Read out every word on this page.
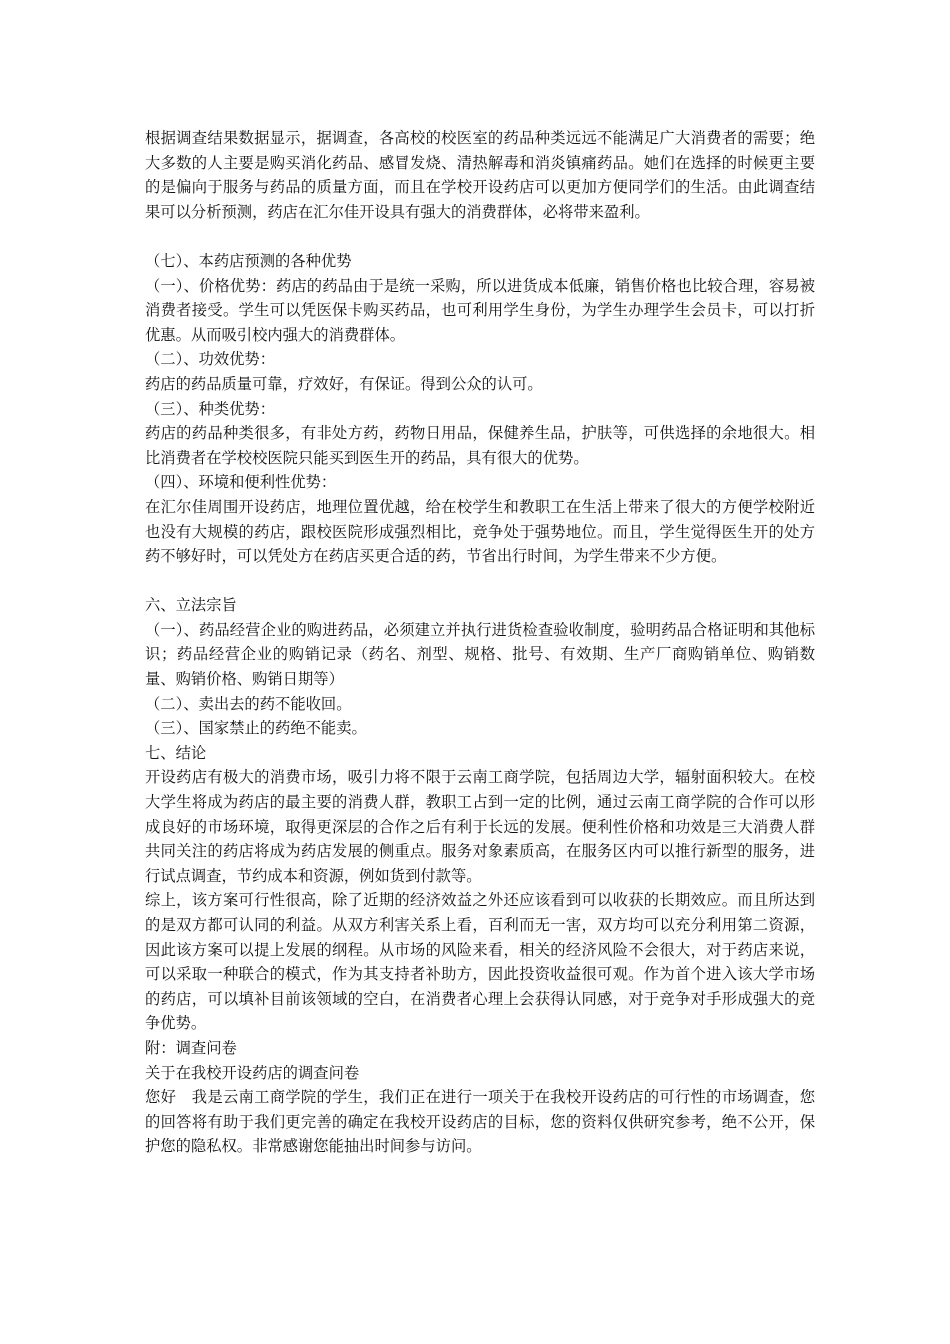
根据调查结果数据显示，据调查，各高校的校医室的药品种类远远不能满足广大消费者的需要；绝大多数的人主要是购买消化药品、感冒发烧、清热解毒和消炎镇痛药品。她们在选择的时候更主要的是偏向于服务与药品的质量方面，而且在学校开设药店可以更加方便同学们的生活。由此调查结果可以分析预测，药店在汇尔佳开设具有强大的消费群体，必将带来盈利。

（七）、本药店预测的各种优势

（一）、价格优势：药店的药品由于是统一采购，所以进货成本低廉，销售价格也比较合理，容易被消费者接受。学生可以凭医保卡购买药品，也可利用学生身份，为学生办理学生会员卡，可以打折优惠。从而吸引校内强大的消费群体。

（二）、功效优势：

药店的药品质量可靠，疗效好，有保证。得到公众的认可。

（三）、种类优势：

药店的药品种类很多，有非处方药，药物日用品，保健养生品，护肤等，可供选择的余地很大。相比消费者在学校校医院只能买到医生开的药品，具有很大的优势。

（四）、环境和便利性优势：

在汇尔佳周围开设药店，地理位置优越，给在校学生和教职工在生活上带来了很大的方便学校附近也没有大规模的药店，跟校医院形成强烈相比，竞争处于强势地位。而且，学生觉得医生开的处方药不够好时，可以凭处方在药店买更合适的药，节省出行时间，为学生带来不少方便。

六、立法宗旨

（一）、药品经营企业的购进药品，必须建立并执行进货检查验收制度，验明药品合格证明和其他标识；药品经营企业的购销记录（药名、剂型、规格、批号、有效期、生产厂商购销单位、购销数量、购销价格、购销日期等）

（二）、卖出去的药不能收回。

（三）、国家禁止的药绝不能卖。

七、结论

开设药店有极大的消费市场，吸引力将不限于云南工商学院，包括周边大学，辐射面积较大。在校大学生将成为药店的最主要的消费人群，教职工占到一定的比例，通过云南工商学院的合作可以形成良好的市场环境，取得更深层的合作之后有利于长远的发展。便利性价格和功效是三大消费人群共同关注的药店将成为药店发展的侧重点。服务对象素质高，在服务区内可以推行新型的服务，进行试点调查，节约成本和资源，例如货到付款等。

综上，该方案可行性很高，除了近期的经济效益之外还应该看到可以收获的长期效应。而且所达到的是双方都可认同的利益。从双方利害关系上看，百利而无一害，双方均可以充分利用第二资源，因此该方案可以提上发展的纲程。从市场的风险来看，相关的经济风险不会很大，对于药店来说，可以采取一种联合的模式，作为其支持者补助方，因此投资收益很可观。作为首个进入该大学市场的药店，可以填补目前该领域的空白，在消费者心理上会获得认同感，对于竞争对手形成强大的竞争优势。

附：调查问卷

关于在我校开设药店的调查问卷

您好　我是云南工商学院的学生，我们正在进行一项关于在我校开设药店的可行性的市场调查，您的回答将有助于我们更完善的确定在我校开设药店的目标，您的资料仅供研究参考，绝不公开，保护您的隐私权。非常感谢您能抽出时间参与访问。
